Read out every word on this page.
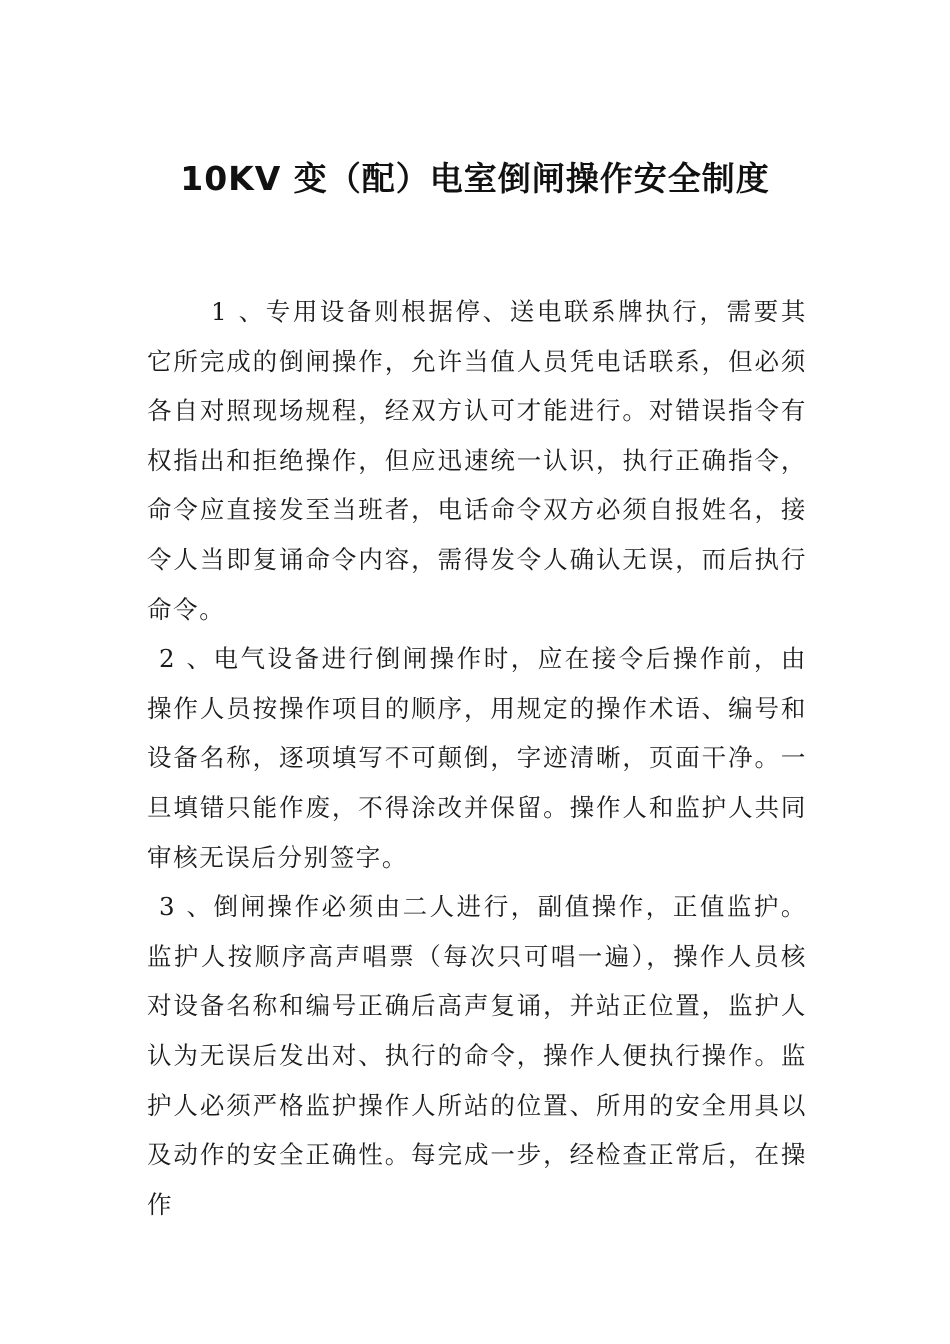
10KV 变（配）电室倒闸操作安全制度

1 、专用设备则根据停、送电联系牌执行，需要其它所完成的倒闸操作，允许当值人员凭电话联系，但必须各自对照现场规程，经双方认可才能进行。对错误指令有权指出和拒绝操作，但应迅速统一认识，执行正确指令，命令应直接发至当班者，电话命令双方必须自报姓名，接令人当即复诵命令内容，需得发令人确认无误，而后执行命令。

2 、电气设备进行倒闸操作时，应在接令后操作前，由操作人员按操作项目的顺序，用规定的操作术语、编号和设备名称，逐项填写不可颠倒，字迹清晰，页面干净。一旦填错只能作废，不得涂改并保留。操作人和监护人共同审核无误后分别签字。

3 、倒闸操作必须由二人进行，副值操作，正值监护。监护人按顺序高声唱票（每次只可唱一遍），操作人员核对设备名称和编号正确后高声复诵，并站正位置，监护人认为无误后发出对、执行的命令，操作人便执行操作。监护人必须严格监护操作人所站的位置、所用的安全用具以及动作的安全正确性。每完成一步，经检查正常后，在操作
